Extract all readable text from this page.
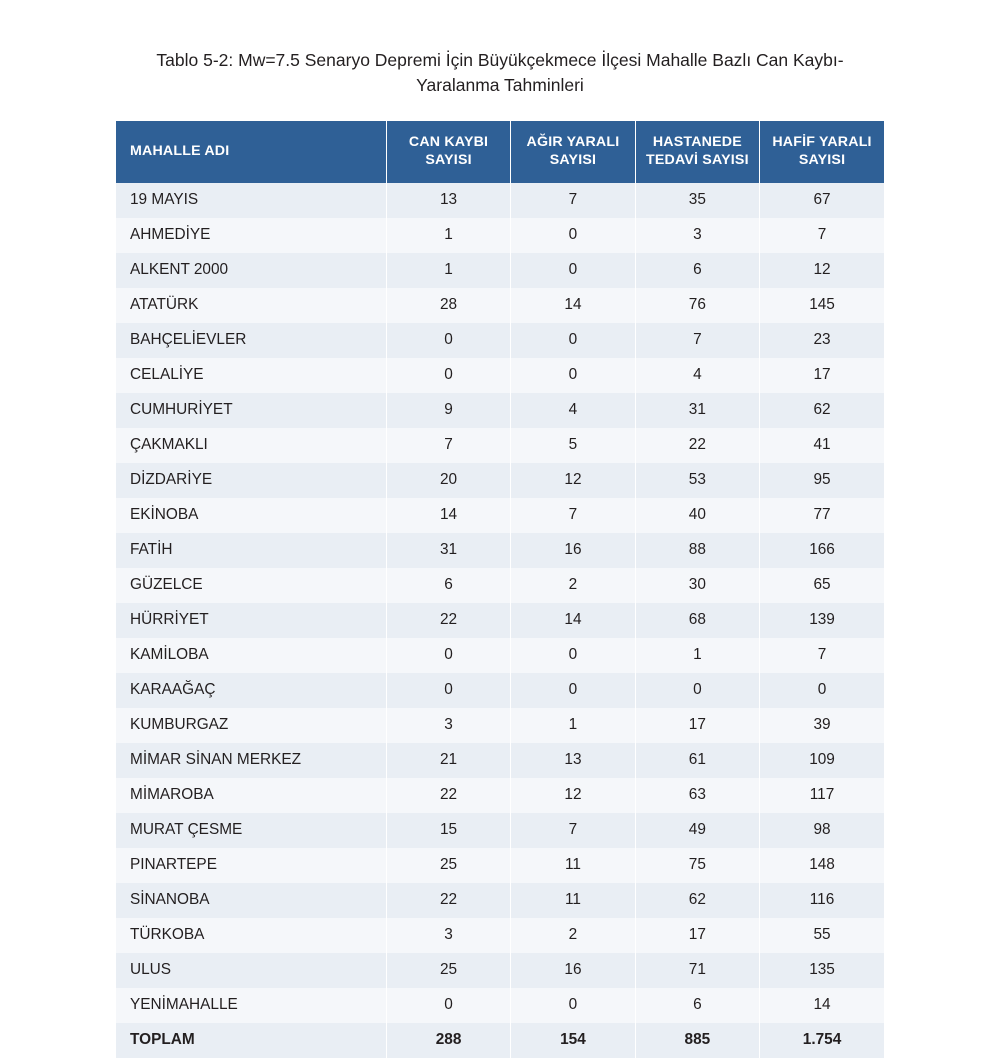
Tablo 5-2: Mw=7.5 Senaryo Depremi İçin Büyükçekmece İlçesi Mahalle Bazlı Can Kaybı-Yaralanma Tahminleri
MAHALLE ADI	CAN KAYBI SAYISI	AĞIR YARALI SAYISI	HASTANEDE TEDAVİ SAYISI	HAFİF YARALI SAYISI
19 MAYIS	13	7	35	67
AHMEDİYE	1	0	3	7
ALKENT 2000	1	0	6	12
ATATÜRK	28	14	76	145
BAHÇELİEVLER	0	0	7	23
CELALİYE	0	0	4	17
CUMHURİYET	9	4	31	62
ÇAKMAKLI	7	5	22	41
DİZDARİYE	20	12	53	95
EKİNOBA	14	7	40	77
FATİH	31	16	88	166
GÜZELCE	6	2	30	65
HÜRRİYET	22	14	68	139
KAMİLOBA	0	0	1	7
KARAAĞAÇ	0	0	0	0
KUMBURGAZ	3	1	17	39
MİMAR SİNAN MERKEZ	21	13	61	109
MİMAROBA	22	12	63	117
MURAT ÇESME	15	7	49	98
PINARTEPE	25	11	75	148
SİNANOBA	22	11	62	116
TÜRKOBA	3	2	17	55
ULUS	25	16	71	135
YENİMAHALLE	0	0	6	14
TOPLAM	288	154	885	1.754
